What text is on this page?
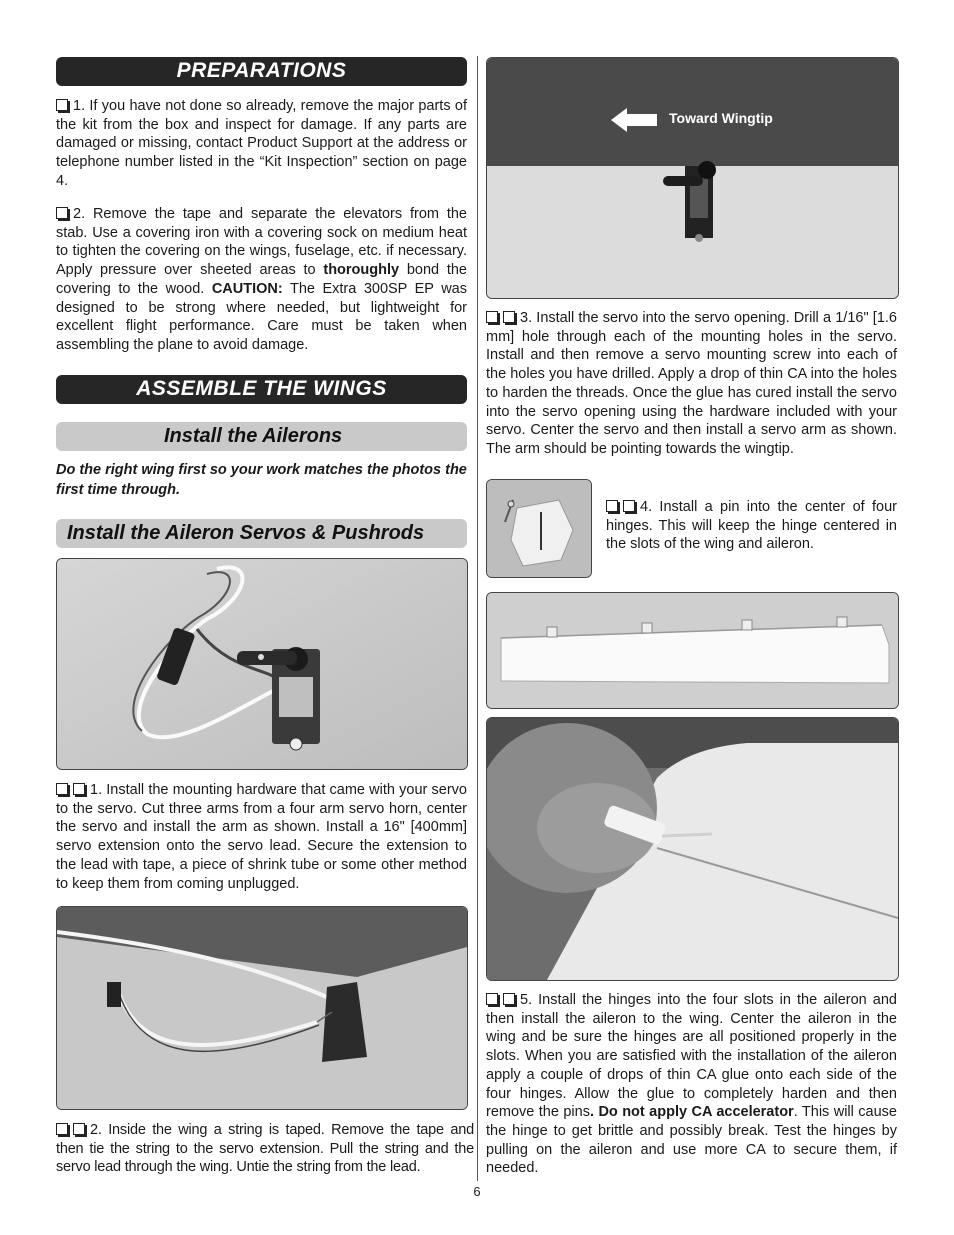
PREPARATIONS
1. If you have not done so already, remove the major parts of the kit from the box and inspect for damage. If any parts are damaged or missing, contact Product Support at the address or telephone number listed in the “Kit Inspection” section on page 4.
2. Remove the tape and separate the elevators from the stab. Use a covering iron with a covering sock on medium heat to tighten the covering on the wings, fuselage, etc. if necessary. Apply pressure over sheeted areas to thoroughly bond the covering to the wood. CAUTION: The Extra 300SP EP was designed to be strong where needed, but lightweight for excellent flight performance. Care must be taken when assembling the plane to avoid damage.
ASSEMBLE THE WINGS
Install the Ailerons
Do the right wing first so your work matches the photos the first time through.
Install the Aileron Servos & Pushrods
1. Install the mounting hardware that came with your servo to the servo. Cut three arms from a four arm servo horn, center the servo and install the arm as shown. Install a 16" [400mm] servo extension onto the servo lead. Secure the extension to the lead with tape, a piece of shrink tube or some other method to keep them from coming unplugged.
2. Inside the wing a string is taped. Remove the tape and then tie the string to the servo extension. Pull the string and the servo lead through the wing. Untie the string from the lead.
Toward Wingtip
3. Install the servo into the servo opening. Drill a 1/16" [1.6 mm] hole through each of the mounting holes in the servo. Install and then remove a servo mounting screw into each of the holes you have drilled. Apply a drop of thin CA into the holes to harden the threads. Once the glue has cured install the servo into the servo opening using the hardware included with your servo. Center the servo and then install a servo arm as shown. The arm should be pointing towards the wingtip.
4. Install a pin into the center of four hinges. This will keep the hinge centered in the slots of the wing and aileron.
5. Install the hinges into the four slots in the aileron and then install the aileron to the wing. Center the aileron in the wing and be sure the hinges are all positioned properly in the slots. When you are satisfied with the installation of the aileron apply a couple of drops of thin CA glue onto each side of the four hinges. Allow the glue to completely harden and then remove the pins. Do not apply CA accelerator. This will cause the hinge to get brittle and possibly break. Test the hinges by pulling on the aileron and use more CA to secure them, if needed.
6
